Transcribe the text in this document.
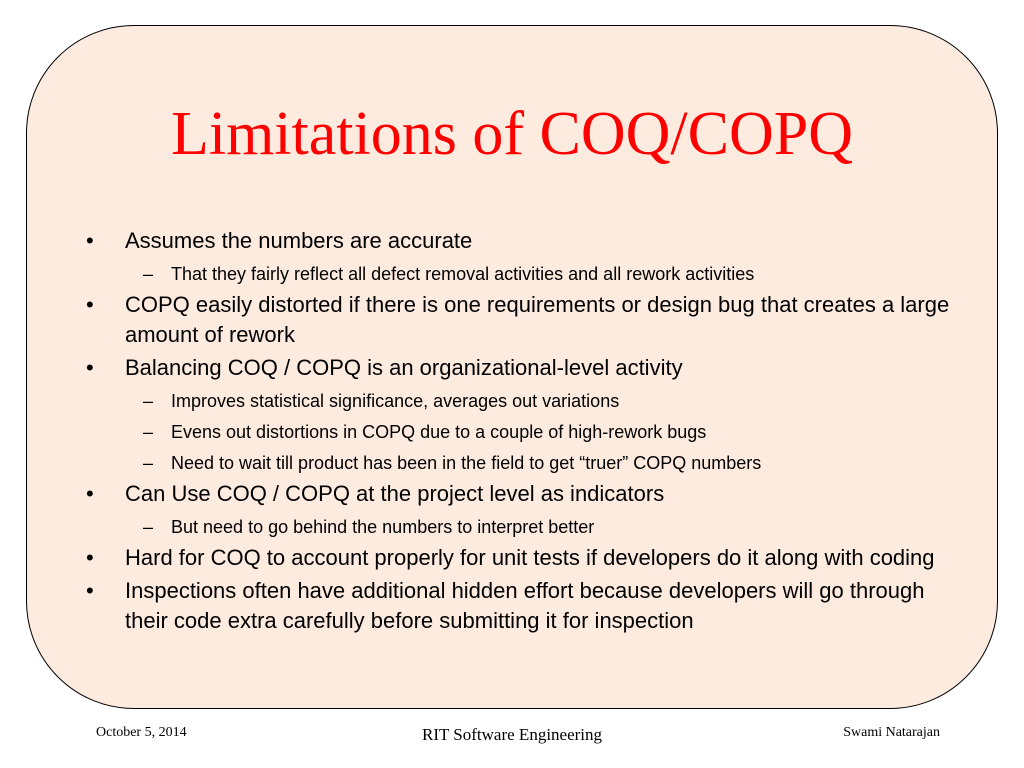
Limitations of COQ/COPQ
• Assumes the numbers are accurate
– That they fairly reflect all defect removal activities and all rework activities
• COPQ easily distorted if there is one requirements or design bug that creates a large amount of rework
• Balancing COQ / COPQ is an organizational-level activity
– Improves statistical significance, averages out variations
– Evens out distortions in COPQ due to a couple of high-rework bugs
– Need to wait till product has been in the field to get “truer” COPQ numbers
• Can Use COQ / COPQ at the project level as indicators
– But need to go behind the numbers to interpret better
• Hard for COQ to account properly for unit tests if developers do it along with coding
• Inspections often have additional hidden effort because developers will go through their code extra carefully before submitting it for inspection

October 5, 2014	RIT Software Engineering	Swami Natarajan
